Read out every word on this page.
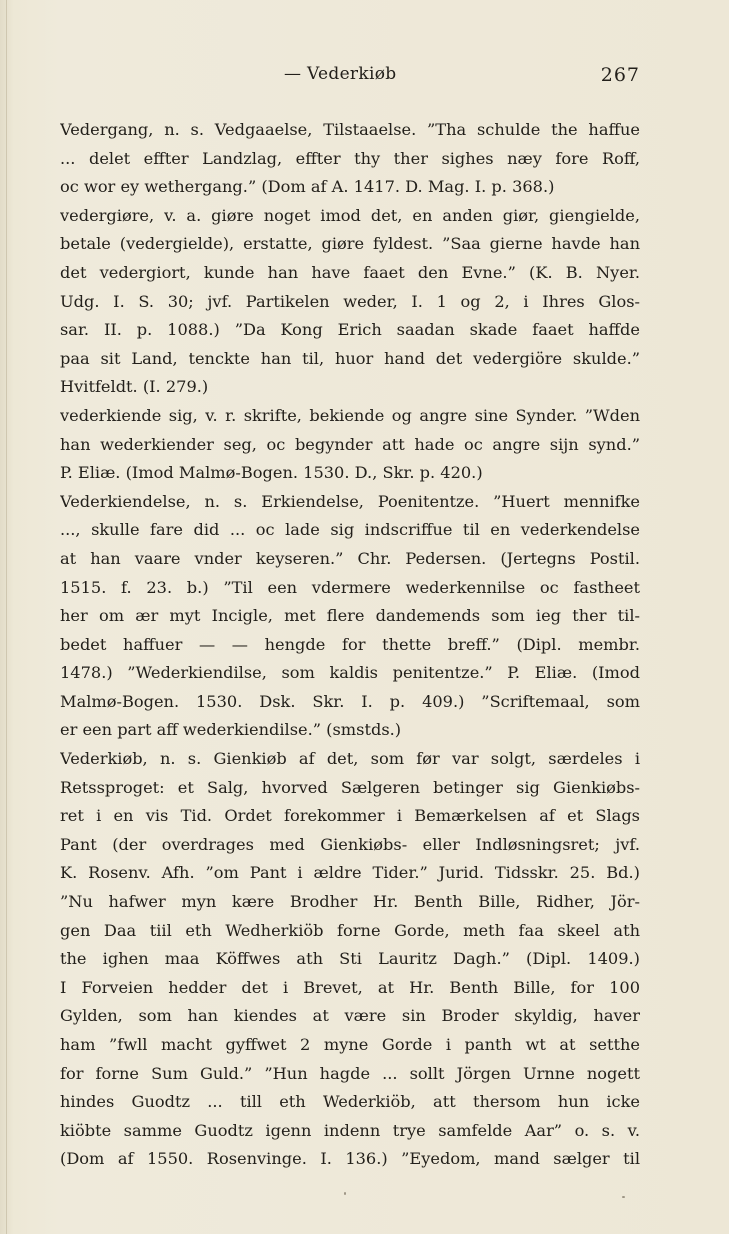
— Vederkiøb	267
Vedergang, n. s. Vedgaaelse, Tilstaaelse. ”Tha schulde the haffue
... delet effter Landzlag, effter thy ther sighes næy fore Roff,
oc wor ey wethergang.” (Dom af A. 1417. D. Mag. I. p. 368.)
vedergiøre, v. a. giøre noget imod det, en anden giør, giengielde,
betale (vedergielde), erstatte, giøre fyldest. ”Saa gierne havde han
det vedergiort, kunde han have faaet den Evne.” (K. B. Nyer.
Udg. I. S. 30; jvf. Partikelen weder, I. 1 og 2, i Ihres Glos-
sar. II. p. 1088.) ”Da Kong Erich saadan skade faaet haffde
paa sit Land, tenckte han til, huor hand det vedergiöre skulde.”
Hvitfeldt. (I. 279.)
vederkiende sig, v. r. skrifte, bekiende og angre sine Synder. ”Wden
han wederkiender seg, oc begynder att hade oc angre sijn synd.”
P. Eliæ. (Imod Malmø-Bogen. 1530. D., Skr. p. 420.)
Vederkiendelse, n. s. Erkiendelse, Poenitentze. ”Huert mennifke
..., skulle fare did ... oc lade sig indscriffue til en vederkendelse
at han vaare vnder keyseren.” Chr. Pedersen. (Jertegns Postil.
1515. f. 23. b.) ”Til een vdermere wederkennilse oc fastheet
her om ær myt Incigle, met flere dandemends som ieg ther til-
bedet haffuer — — hengde for thette breff.” (Dipl. membr.
1478.) ”Wederkiendilse, som kaldis penitentze.” P. Eliæ. (Imod
Malmø-Bogen. 1530. Dsk. Skr. I. p. 409.) ”Scriftemaal, som
er een part aff wederkiendilse.” (smstds.)
Vederkiøb, n. s. Gienkiøb af det, som før var solgt, særdeles i
Retssproget: et Salg, hvorved Sælgeren betinger sig Gienkiøbs-
ret i en vis Tid. Ordet forekommer i Bemærkelsen af et Slags
Pant (der overdrages med Gienkiøbs- eller Indløsningsret; jvf.
K. Rosenv. Afh. ”om Pant i ældre Tider.” Jurid. Tidsskr. 25. Bd.)
”Nu hafwer myn kære Brodher Hr. Benth Bille, Ridher, Jör-
gen Daa tiil eth Wedherkiöb forne Gorde, meth faa skeel ath
the ighen maa Köffwes ath Sti Lauritz Dagh.” (Dipl. 1409.)
I Forveien hedder det i Brevet, at Hr. Benth Bille, for 100
Gylden, som han kiendes at være sin Broder skyldig, haver
ham ”fwll macht gyffwet 2 myne Gorde i panth wt at setthe
for forne Sum Guld.” ”Hun hagde ... sollt Jörgen Urnne nogett
hindes Guodtz ... till eth Wederkiöb, att thersom hun icke
kiöbte samme Guodtz igenn indenn trye samfelde Aar” o. s. v.
(Dom af 1550. Rosenvinge. I. 136.) ”Eyedom, mand sælger til
